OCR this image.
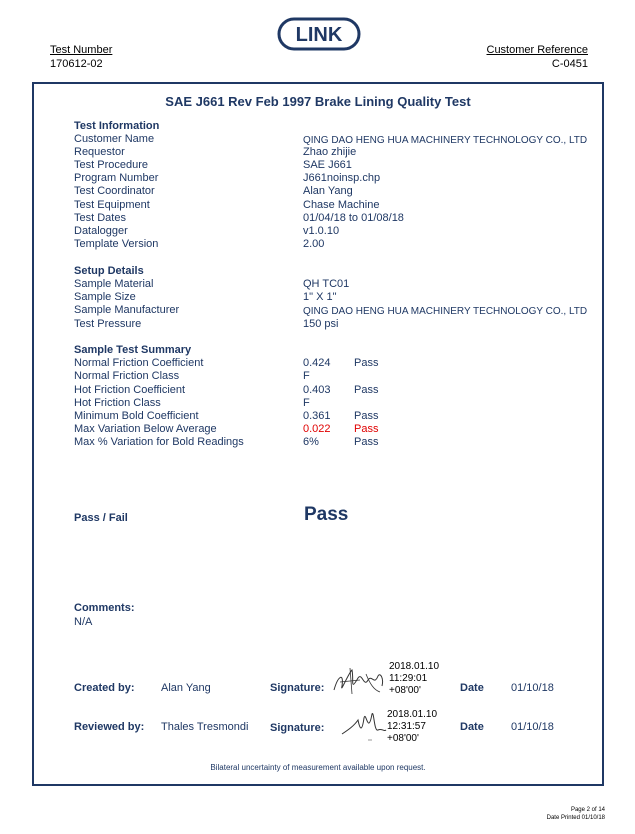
LINK
Test Number
170612-02
Customer Reference
C-0451
SAE J661 Rev Feb 1997 Brake Lining Quality Test
Test Information
Customer Name	QING DAO HENG HUA MACHINERY TECHNOLOGY CO., LTD
Requestor	Zhao zhijie
Test Procedure	SAE J661
Program Number	J661noinsp.chp
Test Coordinator	Alan Yang
Test Equipment	Chase Machine
Test Dates	01/04/18 to 01/08/18
Datalogger	v1.0.10
Template Version	2.00
Setup Details
Sample Material	QH TC01
Sample Size	1" X 1"
Sample Manufacturer	QING DAO HENG HUA MACHINERY TECHNOLOGY CO., LTD
Test Pressure	150 psi
Sample Test Summary
Normal Friction Coefficient	0.424 Pass
Normal Friction Class	F
Hot Friction Coefficient	0.403 Pass
Hot Friction Class	F
Minimum Bold Coefficient	0.361 Pass
Max Variation Below Average	0.022 Pass
Max % Variation for Bold Readings	6%	Pass
Pass / Fail	Pass
Comments:
N/A
Created by: Alan Yang	Signature:
2018.01.10
11:29:01
+08'00'	Date 01/10/18
Reviewed by: Thales Tresmondi Signature:
2018.01.10
12:31:57
+08'00'
Date 01/10/18
Bilateral uncertainty of measurement available upon request.
Page 2 of 14
Date Printed 01/10/18
